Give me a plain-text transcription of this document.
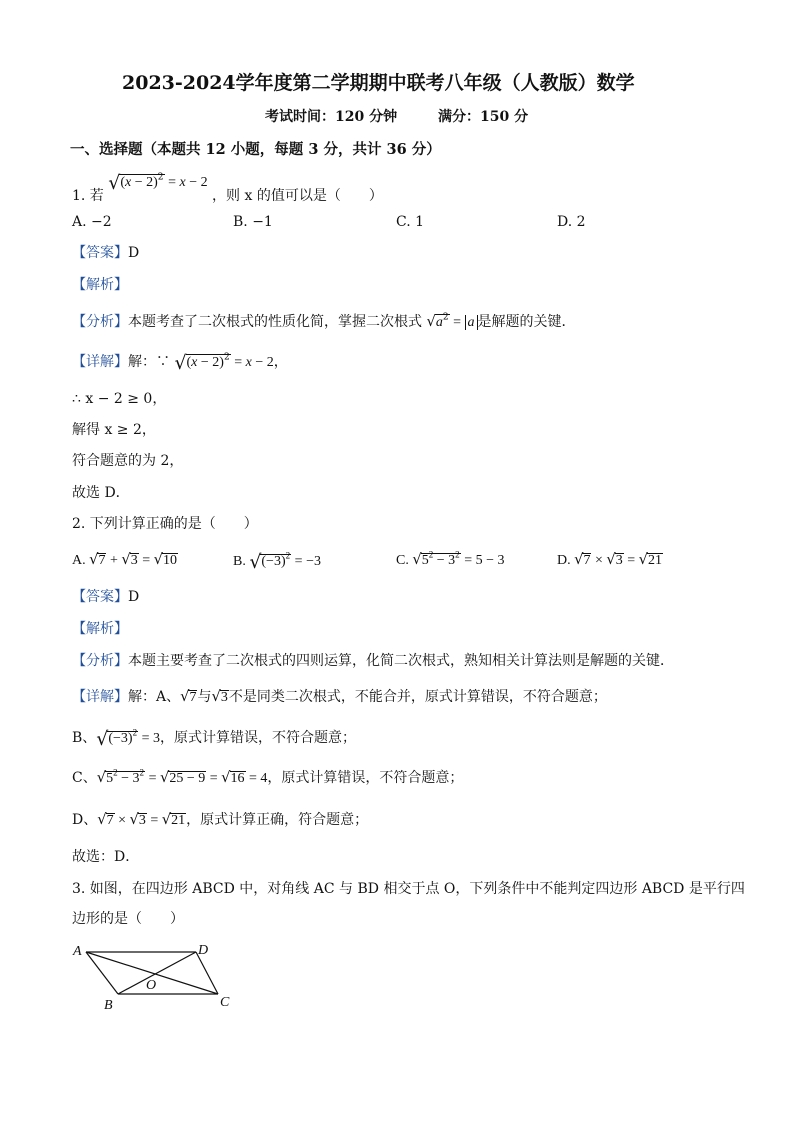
2023-2024学年度第二学期期中联考八年级（人教版）数学
考试时间：120 分钟	满分：150 分
一、选择题（本题共 12 小题，每题 3 分，共计 36 分）
1. 若 $√(x - 2)^2 = x - 2$ ，则 x 的值可以是（　　）
A. −2	B. −1	C. 1	D. 2
【答案】D
【解析】
【分析】本题考查了二次根式的性质化简，掌握二次根式 $√a^2 = a$ 是解题的关键．
【详解】解：∵ $√(x - 2)^2 = x - 2$，
∴ x − 2 ≥ 0，
解得 x ≥ 2，
符合题意的为 2，
故选 D．
2. 下列计算正确的是（　　）
A. √7 + √3 = √10	B. $√(-3)^2 = -3$	C. $√5^2 - 3^2 = 5 - 3$	D. √7 × √3 = √21
【答案】D
【解析】
【分析】本题主要考查了二次根式的四则运算，化简二次根式，熟知相关计算法则是解题的关键．
【详解】解：A、√7与√3不是同类二次根式，不能合并，原式计算错误，不符合题意；
B、$√(-3)^2 = 3$，原式计算错误，不符合题意；
C、$√5^2 - 3^2 = √25 - 9 = √16 = 4$，原式计算错误，不符合题意；
D、√7 × √3 = √21，原式计算正确，符合题意；
故选：D．
3. 如图，在四边形 ABCD 中，对角线 AC 与 BD 相交于点 O，下列条件中不能判定四边形 ABCD 是平行四
边形的是（　　）
A
B	C
D
O
